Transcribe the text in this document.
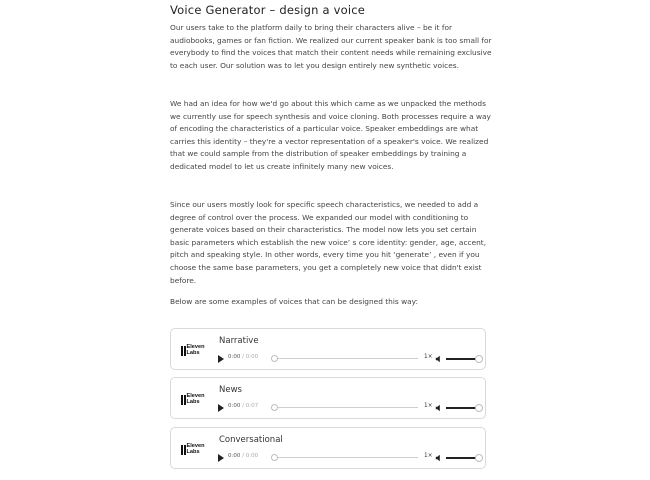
Voice Generator – design a voice

Our users take to the platform daily to bring their characters alive – be it for audiobooks, games or fan fiction. We realized our current speaker bank is too small for everybody to find the voices that match their content needs while remaining exclusive to each user. Our solution was to let you design entirely new synthetic voices.

We had an idea for how we'd go about this which came as we unpacked the methods we currently use for speech synthesis and voice cloning. Both processes require a way of encoding the characteristics of a particular voice. Speaker embeddings are what carries this identity – they're a vector representation of a speaker's voice. We realized that we could sample from the distribution of speaker embeddings by training a dedicated model to let us create infinitely many new voices.

Since our users mostly look for specific speech characteristics, we needed to add a degree of control over the process. We expanded our model with conditioning to generate voices based on their characteristics. The model now lets you set certain basic parameters which establish the new voice’ s core identity: gender, age, accent, pitch and speaking style. In other words, every time you hit ‘generate’ , even if you choose the same base parameters, you get a completely new voice that didn't exist before.

Below are some examples of voices that can be designed this way:

Eleven
Labs
Narrative
0:00 / 0:00	1×
Eleven
Labs
News
0:00 / 0:07	1×
Eleven
Labs
Conversational
0:00 / 0:00	1×
